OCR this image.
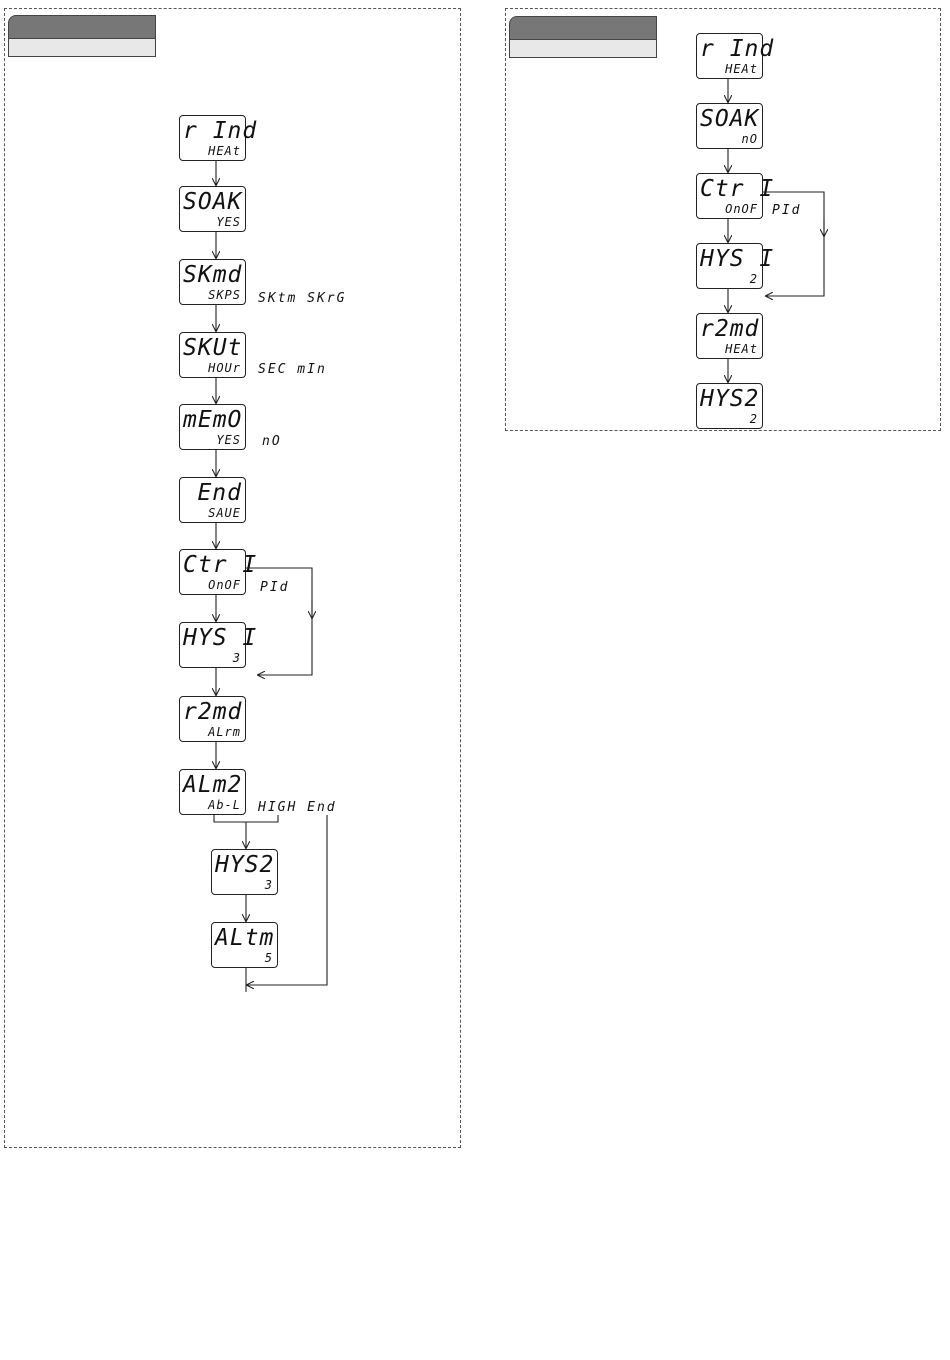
r Ind
HEAt
SOAK
YES
SKmd
SKPS SKtm SKrG
SKUt
HOUr SEC mIn
mEmO
YES nO
End
SAUE
Ctr I
OnOF PId
HYS I
3
r2md
ALrm
ALm2
Ab-L HIGH End
HYS2
3
ALtm
5
r Ind
HEAt
SOAK
nO
Ctr I
OnOF PId
HYS I
2
r2md
HEAt
HYS2
2
